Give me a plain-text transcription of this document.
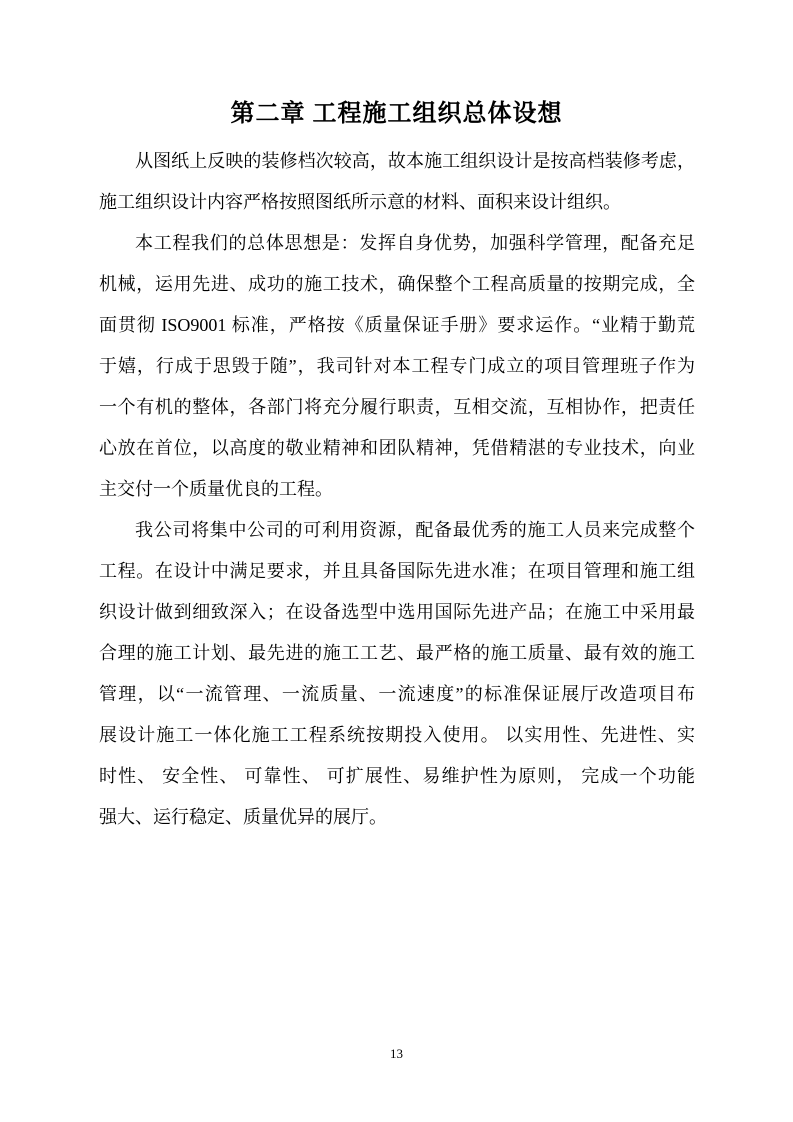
第二章 工程施工组织总体设想
从图纸上反映的装修档次较高，故本施工组织设计是按高档装修考虑，
施工组织设计内容严格按照图纸所示意的材料、面积来设计组织。
本工程我们的总体思想是：发挥自身优势，加强科学管理，配备充足
机械，运用先进、成功的施工技术，确保整个工程高质量的按期完成，全
面贯彻 ISO9001 标准，严格按《质量保证手册》要求运作。“业精于勤荒
于嬉，行成于思毁于随”，我司针对本工程专门成立的项目管理班子作为
一个有机的整体，各部门将充分履行职责，互相交流，互相协作，把责任
心放在首位，以高度的敬业精神和团队精神，凭借精湛的专业技术，向业
主交付一个质量优良的工程。
我公司将集中公司的可利用资源，配备最优秀的施工人员来完成整个
工程。在设计中满足要求，并且具备国际先进水准；在项目管理和施工组
织设计做到细致深入；在设备选型中选用国际先进产品；在施工中采用最
合理的施工计划、最先进的施工工艺、最严格的施工质量、最有效的施工
管理，以“一流管理、一流质量、一流速度”的标准保证展厅改造项目布
展设计施工一体化施工工程系统按期投入使用。 以实用性、先进性、实
时性、 安全性、 可靠性、 可扩展性、易维护性为原则， 完成一个功能
强大、运行稳定、质量优异的展厅。
13
